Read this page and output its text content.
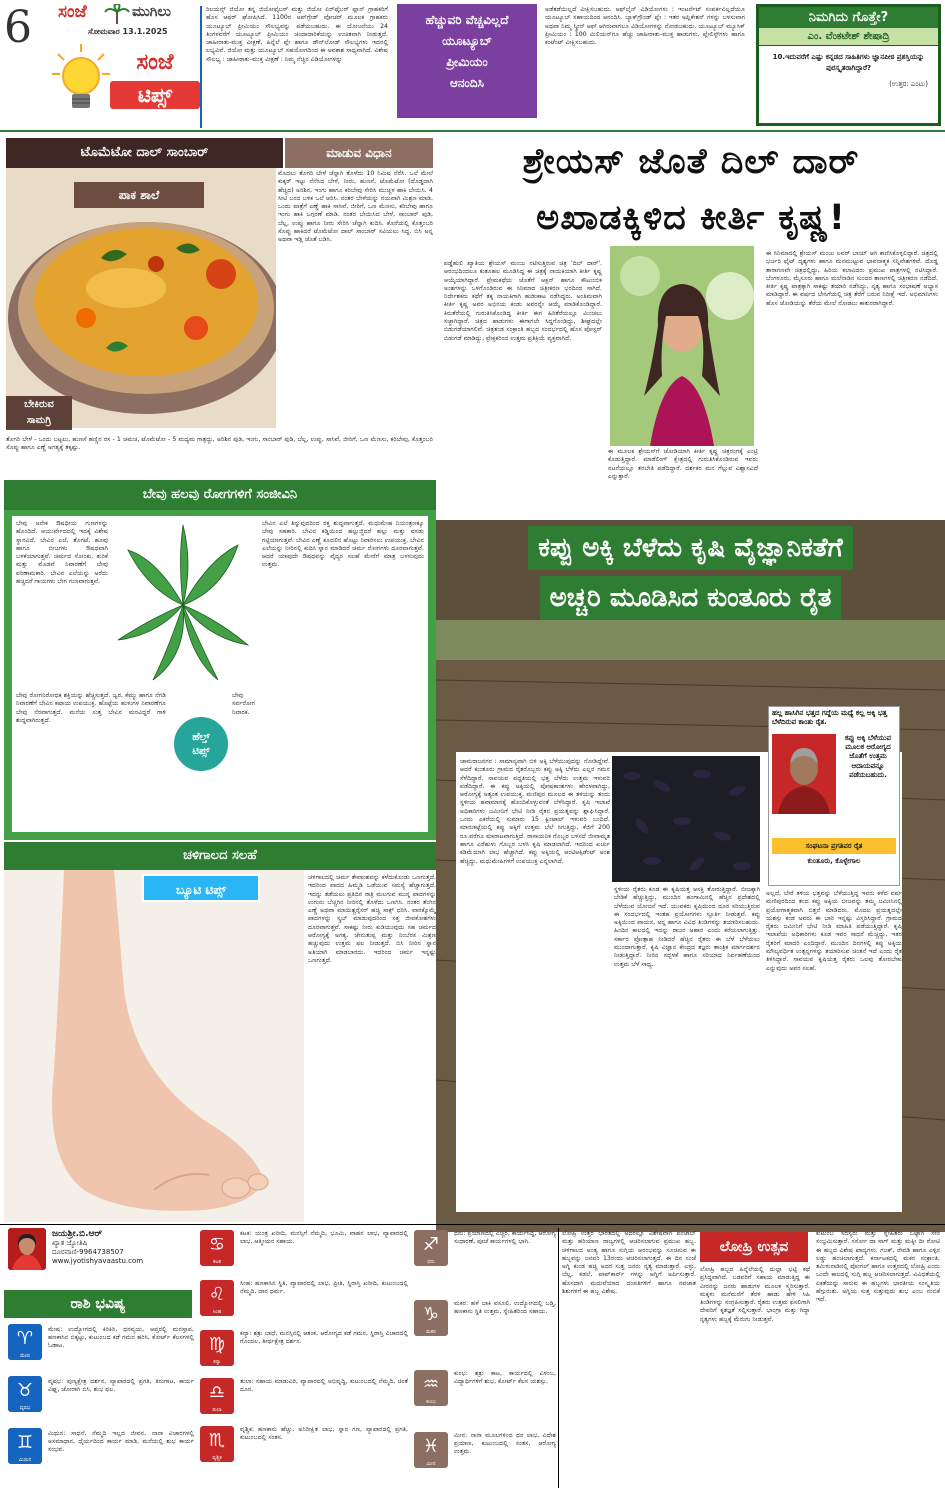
6 ಸಂಜೆ	ಮುಗಿಲು
ಸೋಮವಾರ 13.1.2025
ಸಂಜೆ
ಟಿಪ್ಸ್
ರಿಲಯನ್ಸ್ ಜಿಯೋ ತನ್ನ ಜಿಯೋಫೈಬರ್ ಮತ್ತು ಜಿಯೋ ಏರ್‌ಫೈಬರ್ ಪ್ಲಾನ್ ಗ್ರಾಹಕರಿಗೆ ಹೊಸ ಆಫರ್ ಘೋಷಿಸಿದೆ. 1100ರ ಅಪ್‌ಗ್ರೇಡ್ ವೋಚರ್ ಮೂಲಕ ಗ್ರಾಹಕರು ಯೂಟ್ಯೂಬ್ ಪ್ರೀಮಿಯಂ ಸೌಲಭ್ಯವನ್ನು ಪಡೆಯಬಹುದು. ಈ ಯೋಜನೆಯು 24 ತಿಂಗಳವರೆಗೆ ಯೂಟ್ಯೂಬ್ ಪ್ರೀಮಿಯಂ ಚಂದಾದಾರಿಕೆಯನ್ನು ಉಚಿತವಾಗಿ ನೀಡುತ್ತದೆ. ಜಾಹೀರಾತು-ಮುಕ್ತ ವೀಕ್ಷಣೆ, ಹಿನ್ನೆಲೆ ಪ್ಲೇ ಹಾಗೂ ಡೌನ್‌ಲೋಡ್ ಸೌಲಭ್ಯಗಳು ಇದರಲ್ಲಿ ಲಭ್ಯವಿವೆ. ಜಿಯೋ ಮತ್ತು ಯೂಟ್ಯೂಬ್ ಸಹಯೋಗದಿಂದ ಈ ಅವಕಾಶ ಸಾಧ್ಯವಾಗಿದೆ. ವಿಶೇಷ ಸೌಲಭ್ಯ : ಜಾಹೀರಾತು-ಮುಕ್ತ ವೀಕ್ಷಣೆ : ನಿಮ್ಮ ನೆಚ್ಚಿನ ವಿಡಿಯೋಗಳನ್ನು
ಹೆಚ್ಚುವರಿ ವೆಚ್ಚವಿಲ್ಲದೆ
ಯೂಟ್ಯೂಬ್
ಪ್ರೀಮಿಯಂ
ಆನಂದಿಸಿ
ಅಡೆತಡೆಯಿಲ್ಲದೆ ವೀಕ್ಷಿಸಬಹುದು. ಆಫ್‌ಲೈನ್ ವಿಡಿಯೋಗಳು : ಇಂಟರ್ನೆಟ್ ಸಂಪರ್ಕವಿಲ್ಲದೆಯೂ ಯೂಟ್ಯೂಬ್ ಸಹಾಯದಿಂದ ಆನಂದಿಸಿ. ಬ್ಯಾಕ್‌ಗ್ರೌಂಡ್ ಪ್ಲೇ : ಇತರ ಅಪ್ಲಿಕೇಶನ್ ಗಳನ್ನು ಬಳಸುವಾಗ ಅಥವಾ ನಿಮ್ಮ ಸ್ಕ್ರೀನ್ ಆಫ್ ಆಗಿರುವಾಗಲೂ ವಿಡಿಯೋಗಳನ್ನು ನೋಡಬಹುದು. ಯೂಟ್ಯೂಬ್ ಮ್ಯೂಸಿಕ್ ಪ್ರೀಮಿಯಂ : 100 ಮಿಲಿಯನ್‌ಗೂ ಹೆಚ್ಚು ಜಾಹೀರಾತು-ಮುಕ್ತ ಹಾಡುಗಳು, ಪ್ಲೇಲಿಸ್ಟ್‌ಗಳು ಹಾಗೂ ಕಂಟೆಂಟ್ ವೀಕ್ಷಿಸಬಹುದು.
ನಿಮಗಿದು ಗೊತ್ತೇ?
ಎಂ. ವೆಂಕಟೇಶ್ ಶೇಷಾದ್ರಿ
10.ಇದುವರೆಗೆ ಎಷ್ಟು ಕನ್ನಡದ ಸಾಹಿತಿಗಳು ಜ್ಞಾನಪೀಠ ಪ್ರಶಸ್ತಿಯನ್ನು ಪುರಸ್ಕೃತರಾಗಿದ್ದಾರೆ?
(ಉತ್ತರ: ಎಂಟು)
ಟೊಮೆಟೋ ದಾಲ್ ಸಾಂಬಾರ್	ಮಾಡುವ ವಿಧಾನ
ಪಾಕ ಶಾಲೆ
ಬೇಕಿರುವ
ಸಾಮಗ್ರಿ
ಮೊದಲು ತೊಗರಿ ಬೇಳೆ ಚೆನ್ನಾಗಿ ತೊಳೆದು 10 ನಿಮಿಷ ನೆನೆಸಿ. ಒಲೆ ಮೇಲೆ ಕುಕ್ಕರ್ ಇಟ್ಟು ನೆನೆಸಿದ ಬೇಳೆ, ನೀರು, ಹುಣಸೆ, ಟೊಮೆಟೋ (ದೊಡ್ಡದಾಗಿ ಹೆಚ್ಚಿದ) ಅರಿಶಿನ, ಇಂಗು ಹಾಗೂ ಕರಿಬೇವು ಸೇರಿಸಿ ಮುಚ್ಚಳ ಹಾಕಿ ಬೇಯಿಸಿ. 4 ಸೀಟಿ ಬಂದ ಬಳಿಕ ಒಲೆ ಆರಿಸಿ. ನಂತರ ಬೇಳೆಯನ್ನು ನಯವಾಗಿ ಮಿಶ್ರಣ ಮಾಡಿ. ಒಂದು ಪಾತ್ರೆಗೆ ಎಣ್ಣೆ ಹಾಕಿ ಸಾಸಿವೆ, ಜೀರಿಗೆ, ಒಣ ಮೆಣಸು, ಕರಿಬೇವು ಹಾಗೂ ಇಂಗು ಹಾಕಿ ಒಗ್ಗರಣೆ ಮಾಡಿ. ನಂತರ ಬೇಯಿಸಿದ ಬೇಳೆ, ಸಾಂಬಾರ್ ಪುಡಿ, ಬೆಲ್ಲ, ಉಪ್ಪು ಹಾಗೂ ನೀರು ಸೇರಿಸಿ ಚೆನ್ನಾಗಿ ಕುದಿಸಿ. ಕೊನೆಯಲ್ಲಿ ಕೊತ್ತಂಬರಿ ಸೊಪ್ಪು ಹಾಕಿದರೆ ಟೊಮೆಟೋ ದಾಲ್ ಸಾಂಬಾರ್ ಸವಿಯಲು ಸಿದ್ಧ. ಬಿಸಿ ಅನ್ನ ಅಥವಾ ಇಡ್ಲಿ ಜೊತೆ ಬಡಿಸಿ.
ತೊಗರಿ ಬೇಳೆ - ಒಂದು ಬಟ್ಟಲು, ಹುಣಸೆ ಹಣ್ಣಿನ ರಸ - 1 ಚಮಚ, ಟೊಮೆಟೋ - 5 ಮಧ್ಯಮ ಗಾತ್ರದ್ದು, ಅರಿಶಿನ ಪುಡಿ, ಇಂಗು, ಸಾಂಬಾರ್ ಪುಡಿ, ಬೆಲ್ಲ, ಉಪ್ಪು, ಸಾಸಿವೆ, ಜೀರಿಗೆ, ಒಣ ಮೆಣಸು, ಕರಿಬೇವು, ಕೊತ್ತಂಬರಿ ಸೊಪ್ಪು ಹಾಗೂ ಎಣ್ಣೆ ಅಗತ್ಯಕ್ಕೆ ತಕ್ಕಷ್ಟು.
ಬೇವು ಹಲವು ರೋಗಗಳಿಗೆ ಸಂಜೀವಿನಿ
ಬೇವು ಅನೇಕ ಔಷಧೀಯ ಗುಣಗಳನ್ನು ಹೊಂದಿದೆ. ಆಯುರ್ವೇದದಲ್ಲಿ ಇದಕ್ಕೆ ವಿಶೇಷ ಸ್ಥಾನವಿದೆ. ಬೇವಿನ ಎಲೆ, ತೊಗಟೆ, ಹೂವು ಹಾಗೂ ಬೀಜಗಳು ಔಷಧವಾಗಿ ಬಳಕೆಯಾಗುತ್ತವೆ. ಚರ್ಮದ ಸೋಂಕು, ತುರಿಕೆ ಮತ್ತು ಮೊಡವೆ ನಿವಾರಣೆಗೆ ಬೇವು ಪರಿಣಾಮಕಾರಿ. ಬೇವಿನ ಎಲೆಯನ್ನು ಅರೆದು ಹಚ್ಚಿದರೆ ಗಾಯಗಳು ಬೇಗ ಗುಣವಾಗುತ್ತವೆ.
ಬೇವಿನ ಎಲೆ ತಿನ್ನುವುದರಿಂದ ರಕ್ತ ಶುದ್ಧವಾಗುತ್ತದೆ. ಮಧುಮೇಹ ನಿಯಂತ್ರಣಕ್ಕೂ ಬೇವು ಸಹಕಾರಿ. ಬೇವಿನ ಕಡ್ಡಿಯಿಂದ ಹಲ್ಲುಜ್ಜಿದರೆ ಹಲ್ಲು ಮತ್ತು ವಸಡು ಗಟ್ಟಿಯಾಗುತ್ತವೆ. ಬೇವಿನ ಎಣ್ಣೆ ಕೂದಲಿನ ಹೊಟ್ಟು ನಿವಾರಿಸಲು ಉಪಯುಕ್ತ. ಬೇವಿನ ಎಲೆಯನ್ನು ನೀರಿನಲ್ಲಿ ಕುದಿಸಿ ಸ್ನಾನ ಮಾಡಿದರೆ ಚರ್ಮ ರೋಗಗಳು ದೂರವಾಗುತ್ತವೆ. ಆದರೆ ಯಾವುದೇ ಔಷಧವನ್ನು ವೈದ್ಯರ ಸಲಹೆ ಮೇರೆಗೆ ಮಾತ್ರ ಬಳಸುವುದು ಉತ್ತಮ.
ಬೇವು ರೋಗನಿರೋಧಕ ಶಕ್ತಿಯನ್ನು ಹೆಚ್ಚಿಸುತ್ತದೆ. ಜ್ವರ, ಕೆಮ್ಮು ಹಾಗೂ ನೆಗಡಿ ನಿವಾರಣೆಗೆ ಬೇವಿನ ಕಷಾಯ ಉಪಯುಕ್ತ. ಹೊಟ್ಟೆಯ ಹುಳುಗಳ ನಿವಾರಣೆಗೂ ಬೇವು ನೆರವಾಗುತ್ತದೆ. ಮನೆಯ ಸುತ್ತ ಬೇವಿನ ಮರವಿದ್ದರೆ ಗಾಳಿ ಶುದ್ಧವಾಗಿರುತ್ತದೆ.
ಬೇವು ಸರ್ವರೋಗ ನಿವಾರಕ.
ಹೆಲ್ತ್
ಟಿಪ್ಸ್
ಚಳಿಗಾಲದ ಸಲಹೆ
ಬ್ಯೂಟಿ ಟಿಪ್ಸ್
ಚಳಿಗಾಲದಲ್ಲಿ ಚರ್ಮ ತೇವಾಂಶವನ್ನು ಕಳೆದುಕೊಂಡು ಒಣಗುತ್ತದೆ. ಇದರಿಂದ ಪಾದದ ಹಿಮ್ಮಡಿ ಒಡೆಯುವ ಸಮಸ್ಯೆ ಹೆಚ್ಚಾಗುತ್ತದೆ. ಇದನ್ನು ತಡೆಯಲು ಪ್ರತಿದಿನ ರಾತ್ರಿ ಮಲಗುವ ಮುನ್ನ ಪಾದಗಳನ್ನು ಉಗುರು ಬೆಚ್ಚಗಿನ ನೀರಿನಲ್ಲಿ ತೊಳೆದು ಒಣಗಿಸಿ. ನಂತರ ತೆಂಗಿನ ಎಣ್ಣೆ ಅಥವಾ ಮಾಯಿಶ್ಚರೈಸರ್ ಹಚ್ಚಿ ಸಾಕ್ಸ್ ಧರಿಸಿ. ವಾರಕ್ಕೊಮ್ಮೆ ಪಾದಗಳನ್ನು ಸ್ಕ್ರಬ್ ಮಾಡುವುದರಿಂದ ಸತ್ತ ಜೀವಕೋಶಗಳು ದೂರವಾಗುತ್ತವೆ. ಸಾಕಷ್ಟು ನೀರು ಕುಡಿಯುವುದು ಸಹ ಚರ್ಮದ ಆರೋಗ್ಯಕ್ಕೆ ಅಗತ್ಯ. ಜೇನುತುಪ್ಪ ಮತ್ತು ನಿಂಬೆರಸ ಮಿಶ್ರಣ ಹಚ್ಚುವುದು ಉತ್ತಮ ಫಲ ನೀಡುತ್ತದೆ. ಬಿಸಿ ನೀರಿನ ಸ್ನಾನ ಅತಿಯಾಗಿ ಮಾಡಬಾರದು. ಇದರಿಂದ ಚರ್ಮ ಇನ್ನಷ್ಟು ಒಣಗುತ್ತದೆ.
ಶ್ರೇಯಸ್ ಜೊತೆ ದಿಲ್ ದಾರ್
ಅಖಾಡಕ್ಕಿಳಿದ ಕೀರ್ತಿ ಕೃಷ್ಣ!
ಪಡ್ಡೆಹುಲಿ ಖ್ಯಾತಿಯ ಶ್ರೇಯಸ್ ಮಂಜು ನಟಿಸುತ್ತಿರುವ ಚಿತ್ರ 'ದಿಲ್ ದಾರ್'. ಆರಂಭದಿಂದಲೂ ಕುತೂಹಲ ಮೂಡಿಸಿದ್ದ ಈ ಚಿತ್ರಕ್ಕೆ ನಾಯಕಿಯಾಗಿ ಕೀರ್ತಿ ಕೃಷ್ಣ ಆಯ್ಕೆಯಾಗಿದ್ದಾರೆ. ಪ್ರೇಮಕಥೆಯ ಜೊತೆಗೆ ಆಕ್ಷನ್ ಹಾಗೂ ಕೌಟುಂಬಿಕ ಅಂಶಗಳನ್ನು ಒಳಗೊಂಡಿರುವ ಈ ಸಿನಿಮಾದ ಚಿತ್ರೀಕರಣ ಭರದಿಂದ ಸಾಗಿದೆ. ನಿರ್ದೇಶಕರು ಕಥೆಗೆ ತಕ್ಕ ನಾಯಕಿಗಾಗಿ ಹುಡುಕಾಟ ನಡೆಸಿದ್ದರು. ಅಂತಿಮವಾಗಿ ಕೀರ್ತಿ ಕೃಷ್ಣ ಅವರ ಅಭಿನಯ ಕಂಡು ಅವರನ್ನೇ ಆಯ್ಕೆ ಮಾಡಿಕೊಂಡಿದ್ದಾರೆ. ಕಿರುತೆರೆಯಲ್ಲಿ ಗುರುತಿಸಿಕೊಂಡಿದ್ದ ಕೀರ್ತಿ ಈಗ ಹಿರಿತೆರೆಯಲ್ಲೂ ಮಿಂಚಲು ಸಜ್ಜಾಗಿದ್ದಾರೆ. ಚಿತ್ರದ ಹಾಡುಗಳು ಈಗಾಗಲೇ ಸಿದ್ಧಗೊಂಡಿದ್ದು, ಶೀಘ್ರದಲ್ಲೇ ಬಿಡುಗಡೆಯಾಗಲಿವೆ. ಚಿತ್ರತಂಡ ಸಂಕ್ರಾಂತಿ ಹಬ್ಬದ ಸಂದರ್ಭದಲ್ಲಿ ಹೊಸ ಪೋಸ್ಟರ್ ಬಿಡುಗಡೆ ಮಾಡಿದ್ದು, ಪ್ರೇಕ್ಷಕರಿಂದ ಉತ್ತಮ ಪ್ರತಿಕ್ರಿಯೆ ವ್ಯಕ್ತವಾಗಿದೆ.
ಈ ಮೂಲಕ ಶ್ರೇಯಸ್‌ಗೆ ಜೋಡಿಯಾಗಿ ಕೀರ್ತಿ ಕೃಷ್ಣ ಚಿತ್ರರಂಗಕ್ಕೆ ಎಂಟ್ರಿ ಕೊಡುತ್ತಿದ್ದಾರೆ. ಮಾಡೆಲಿಂಗ್ ಕ್ಷೇತ್ರದಲ್ಲಿ ಗುರುತಿಸಿಕೊಂಡಿರುವ ಇವರು ನಟನೆಯಲ್ಲೂ ತರಬೇತಿ ಪಡೆದಿದ್ದಾರೆ. ದರ್ಶಕರ ಮನ ಗೆಲ್ಲುವ ವಿಶ್ವಾಸವಿದೆ ಎನ್ನುತ್ತಾರೆ.
ಈ ಸಿನಿಮಾದಲ್ಲಿ ಶ್ರೇಯಸ್ ಮಂಜು ಲವರ್ ಬಾಯ್ ಆಗಿ ಕಾಣಿಸಿಕೊಳ್ಳಲಿದ್ದಾರೆ. ಚಿತ್ರದಲ್ಲಿ ಭರ್ಜರಿ ಫೈಟ್ ದೃಶ್ಯಗಳು ಹಾಗೂ ಮನಮುಟ್ಟುವ ಭಾವನಾತ್ಮಕ ಸನ್ನಿವೇಶಗಳಿವೆ. ದೊಡ್ಡ ತಾರಾಗಣವೇ ಚಿತ್ರದಲ್ಲಿದ್ದು, ಹಿರಿಯ ಕಲಾವಿದರು ಪ್ರಮುಖ ಪಾತ್ರಗಳಲ್ಲಿ ನಟಿಸಿದ್ದಾರೆ. ಬೆಂಗಳೂರು, ಮೈಸೂರು ಹಾಗೂ ಮಲೆನಾಡಿನ ಸುಂದರ ತಾಣಗಳಲ್ಲಿ ಚಿತ್ರೀಕರಣ ನಡೆದಿದೆ. ಕೀರ್ತಿ ಕೃಷ್ಣ ಪಾತ್ರಕ್ಕಾಗಿ ಸಾಕಷ್ಟು ತಯಾರಿ ನಡೆಸಿದ್ದು, ನೃತ್ಯ ಹಾಗೂ ಸಂಭಾಷಣೆ ಅಭ್ಯಾಸ ಮಾಡಿದ್ದಾರೆ. ಈ ವರ್ಷದ ಬೇಸಿಗೆಯಲ್ಲಿ ಚಿತ್ರ ತೆರೆಗೆ ಬರುವ ನಿರೀಕ್ಷೆ ಇದೆ. ಅಭಿಮಾನಿಗಳು ಹೊಸ ಜೋಡಿಯನ್ನು ತೆರೆಯ ಮೇಲೆ ನೋಡಲು ಕಾತುರರಾಗಿದ್ದಾರೆ.
ಕಪ್ಪು ಅಕ್ಕಿ ಬೆಳೆದು ಕೃಷಿ ವೈಜ್ಞಾನಿಕತೆಗೆ
ಅಚ್ಚರಿ ಮೂಡಿಸಿದ ಕುಂತೂರು ರೈತ
ಚಾಮರಾಜನಗರ : ಸಾಮಾನ್ಯವಾಗಿ ಬಿಳಿ ಅಕ್ಕಿ ಬೆಳೆಯುವುದನ್ನು ನೋಡಿದ್ದೇವೆ. ಆದರೆ ಕುಂತೂರು ಗ್ರಾಮದ ರೈತರೊಬ್ಬರು ಕಪ್ಪು ಅಕ್ಕಿ ಬೆಳೆದು ಎಲ್ಲರ ಗಮನ ಸೆಳೆದಿದ್ದಾರೆ. ಸಾವಯವ ಪದ್ಧತಿಯಲ್ಲಿ ಭತ್ತ ಬೆಳೆದು ಉತ್ತಮ ಇಳುವರಿ ಪಡೆದಿದ್ದಾರೆ. ಈ ಕಪ್ಪು ಅಕ್ಕಿಯಲ್ಲಿ ಪೋಷಕಾಂಶಗಳು ಹೇರಳವಾಗಿದ್ದು, ಆರೋಗ್ಯಕ್ಕೆ ಅತ್ಯಂತ ಉಪಯುಕ್ತ. ಮಣಿಪುರ ಮೂಲದ ಈ ತಳಿಯನ್ನು ತಂದು ಸ್ಥಳೀಯ ಹವಾಮಾನಕ್ಕೆ ಹೊಂದಿಕೊಳ್ಳುವಂತೆ ಬೆಳೆಸಿದ್ದಾರೆ. ಕೃಷಿ ಇಲಾಖೆ ಅಧಿಕಾರಿಗಳು ಜಮೀನಿಗೆ ಭೇಟಿ ನೀಡಿ ರೈತನ ಪ್ರಯತ್ನವನ್ನು ಶ್ಲಾಘಿಸಿದ್ದಾರೆ. ಒಂದು ಎಕರೆಯಲ್ಲಿ ಸುಮಾರು 15 ಕ್ವಿಂಟಾಲ್ ಇಳುವರಿ ಬಂದಿದೆ. ಮಾರುಕಟ್ಟೆಯಲ್ಲಿ ಕಪ್ಪು ಅಕ್ಕಿಗೆ ಉತ್ತಮ ಬೆಲೆ ಸಿಗುತ್ತಿದ್ದು, ಕೆಜಿಗೆ 200 ರೂ.ವರೆಗೂ ಮಾರಾಟವಾಗುತ್ತಿದೆ. ರಾಸಾಯನಿಕ ಗೊಬ್ಬರ ಬಳಸದೆ ಜೀವಾಮೃತ ಹಾಗೂ ಎರೆಹುಳು ಗೊಬ್ಬರ ಬಳಸಿ ಕೃಷಿ ಮಾಡಲಾಗಿದೆ. ಇದರಿಂದ ಖರ್ಚು ಕಡಿಮೆಯಾಗಿ ಲಾಭ ಹೆಚ್ಚಾಗಿದೆ. ಕಪ್ಪು ಅಕ್ಕಿಯಲ್ಲಿ ಆಂಟಿಆಕ್ಸಿಡೆಂಟ್ ಅಂಶ ಹೆಚ್ಚಿದ್ದು, ಮಧುಮೇಹಿಗಳಿಗೆ ಉಪಯುಕ್ತ ಎನ್ನಲಾಗಿದೆ.
ಸ್ಥಳೀಯ ರೈತರು ಕೂಡ ಈ ಕೃಷಿಯತ್ತ ಆಸಕ್ತಿ ತೋರುತ್ತಿದ್ದಾರೆ. ಬೀಜಕ್ಕಾಗಿ ಬೇಡಿಕೆ ಹೆಚ್ಚುತ್ತಿದ್ದು, ಮುಂದಿನ ಹಂಗಾಮಿನಲ್ಲಿ ಹೆಚ್ಚಿನ ಪ್ರದೇಶದಲ್ಲಿ ಬೆಳೆಯುವ ಯೋಜನೆ ಇದೆ. ಯುವಕರು ಕೃಷಿಯಿಂದ ದೂರ ಸರಿಯುತ್ತಿರುವ ಈ ಸಂದರ್ಭದಲ್ಲಿ ಇಂತಹ ಪ್ರಯೋಗಗಳು ಸ್ಫೂರ್ತಿ ನೀಡುತ್ತವೆ. ಕಪ್ಪು ಅಕ್ಕಿಯಿಂದ ಪಾಯಸ, ಅನ್ನ ಹಾಗೂ ವಿವಿಧ ತಿಂಡಿಗಳನ್ನು ತಯಾರಿಸಬಹುದು. ಹಿಂದಿನ ಕಾಲದಲ್ಲಿ ಇದನ್ನು ರಾಜರ ಆಹಾರ ಎಂದು ಕರೆಯಲಾಗುತ್ತಿತ್ತು. ಸರ್ಕಾರ ಪ್ರೋತ್ಸಾಹ ನೀಡಿದರೆ ಹೆಚ್ಚಿನ ರೈತರು ಈ ಬೆಳೆ ಬೆಳೆಯಲು ಮುಂದಾಗುತ್ತಾರೆ. ಕೃಷಿ ವಿಜ್ಞಾನ ಕೇಂದ್ರದ ತಜ್ಞರು ತಾಂತ್ರಿಕ ಮಾರ್ಗದರ್ಶನ ನೀಡುತ್ತಿದ್ದಾರೆ. ನೀರಿನ ಸದ್ಬಳಕೆ ಹಾಗೂ ಸರಿಯಾದ ನಿರ್ವಹಣೆಯಿಂದ ಉತ್ತಮ ಬೆಳೆ ಸಾಧ್ಯ.
ಹಲ್ಲ ಹಾಸಿಗಿನ ಭತ್ತದ ಗದ್ದೆಯ ಮಧ್ಯೆ ಕಲ್ಲ ಅಕ್ಕಿ ಭತ್ತ ಬೆಳೆದಿರುವ ಕಾಂತು ರೈತ.
ಕಪ್ಪು ಅಕ್ಕಿ ಬೆಳೆಯುವ ಮೂಲಕ ಆರೋಗ್ಯದ ಜೊತೆಗೆ ಉತ್ತಮ ಆದಾಯವನ್ನೂ ಪಡೆಯಬಹುದು.
ಸಂಘಟನಾ ಪ್ರಗತಿಪರ ರೈತ
ಕುಂತೂರು, ಕೊಳ್ಳೇಗಾಲ
ಅಲ್ಲದೆ, ಬೇರೆ ತಳಿಯ ಭತ್ತವನ್ನು ಬೆಳೆಯುತ್ತಿದ್ದ ಇವರು ಕಳೆದ ವರ್ಷ ಮಣಿಪುರದಿಂದ ತಂದ ಕಪ್ಪು ಅಕ್ಕಿಯ ಬೀಜವನ್ನು ತಮ್ಮ ಜಮೀನಿನಲ್ಲಿ ಪ್ರಯೋಗಾತ್ಮಕವಾಗಿ ಬಿತ್ತನೆ ಮಾಡಿದರು. ಮೊದಲ ಪ್ರಯತ್ನದಲ್ಲೇ ಯಶಸ್ಸು ಕಂಡ ಅವರು ಈ ಬಾರಿ ಇನ್ನಷ್ಟು ವಿಸ್ತರಿಸಿದ್ದಾರೆ. ಗ್ರಾಮದ ರೈತರು ಜಮೀನಿಗೆ ಭೇಟಿ ನೀಡಿ ಮಾಹಿತಿ ಪಡೆಯುತ್ತಿದ್ದಾರೆ. ಕೃಷಿ ಇಲಾಖೆಯ ಅಧಿಕಾರಿಗಳು ಕೂಡ ಇವರ ಸಾಧನೆ ಮೆಚ್ಚಿದ್ದು, ಇತರ ರೈತರಿಗೆ ಮಾದರಿ ಎಂದಿದ್ದಾರೆ. ಮುಂದಿನ ದಿನಗಳಲ್ಲಿ ಕಪ್ಪು ಅಕ್ಕಿಯ ಮೌಲ್ಯವರ್ಧಿತ ಉತ್ಪನ್ನಗಳನ್ನು ತಯಾರಿಸುವ ಚಿಂತನೆ ಇದೆ ಎಂದು ರೈತ ತಿಳಿಸಿದ್ದಾರೆ. ಸಾವಯವ ಕೃಷಿಯತ್ತ ರೈತರು ಒಲವು ತೋರಬೇಕು ಎನ್ನುವುದು ಅವರ ಸಲಹೆ.
ಜಯಶ್ರೀ.ಬಿ.ಆರ್
ಖ್ಯಾತ ಜ್ಯೋತಿಷಿ
ದೂರವಾಣಿ-9964738507
www.jyotishyavaastu.com
ರಾಶಿ ಭವಿಷ್ಯ
♈
ಮೇಷ
ಮೇಷ: ಉದ್ಯೋಗದಲ್ಲಿ ಕಿರಿಕಿರಿ, ಧನವ್ಯಯ, ಆಪ್ತರಲ್ಲಿ ಮನಸ್ತಾಪ, ಹಣಕಾಸಿನ ಬಿಕ್ಕಟ್ಟು, ಕುಟುಂಬದ ಕಡೆ ಗಮನ ಹರಿಸಿ, ಕೋರ್ಟ್ ಕೆಲಸಗಳಲ್ಲಿ ಓಡಾಟ.
♉
ವೃಷಭ
ವೃಷಭ: ಪುಣ್ಯಕ್ಷೇತ್ರ ದರ್ಶನ, ವ್ಯಾಪಾರದಲ್ಲಿ ಪ್ರಗತಿ, ತಿರುಗಾಟ, ಕಾರ್ಯ ವಿಘ್ನ, ಜೋರಾಗಿ ಬಿಸಿ, ಶುಭ ಫಲ.
♊
ಮಿಥುನ
ಮಿಥುನ: ಸಾಧನೆ, ನೆಮ್ಮದಿ ಇಲ್ಲದ ಜೀವನ, ನಾನಾ ವಿಚಾರಗಳಲ್ಲಿ ಅಸಮಾಧಾನ, ಧೈರ್ಯದಿಂದ ಕಾರ್ಯ ಮಾಡಿ, ಮನೆಯಲ್ಲಿ ಶುಭ ಕಾರ್ಯ ಸಂಭವ.
♋
ಕಟಕ
ಕಟಕ: ಯಂತ್ರ ಖರೀದಿ, ಮನಸ್ಸಿಗೆ ನೆಮ್ಮದಿ, ಭೂಮಿ, ವಾಹನ ಲಾಭ, ವ್ಯಾಪಾರದಲ್ಲಿ ಲಾಭ, ಆತ್ಮೀಯರ ಸಹಾಯ.
♌
ಸಿಂಹ
ಸಿಂಹ: ಹಣಕಾಸಿನ ಸ್ಥಿತಿ, ವ್ಯಾಪಾರದಲ್ಲಿ ಲಾಭ, ಪ್ರೀತಿ, ಸ್ಥಿರಾಸ್ತಿ ಖರೀದಿ, ಕುಟುಂಬದಲ್ಲಿ ನೆಮ್ಮದಿ, ದಾನ ಧರ್ಮ.
♍
ಕನ್ಯಾ
ಕನ್ಯಾ: ಶತ್ರು ಬಾಧೆ, ಮನಸ್ಸಿನಲ್ಲಿ ಆತಂಕ, ಆರೋಗ್ಯದ ಕಡೆ ಗಮನ, ಸ್ಥಿರಾಸ್ತಿ ವಿಚಾರದಲ್ಲಿ ಗೊಂದಲ, ತೀರ್ಥಕ್ಷೇತ್ರ ದರ್ಶನ.
♎
ತುಲಾ
ತುಲಾ: ಸಹಾಯ ಮಾಡುವಿರಿ, ವ್ಯಾಪಾರದಲ್ಲಿ ಅಭಿವೃದ್ಧಿ, ಕುಟುಂಬದಲ್ಲಿ ನೆಮ್ಮದಿ, ಚಿಂತೆ ದೂರ.
♏
ವೃಶ್ಚಿಕ
ವೃಶ್ಚಿಕ: ಹಣಕಾಸು ಹೆಚ್ಚು, ಅನಿರೀಕ್ಷಿತ ಲಾಭ, ಸ್ನಾನ ಗಣ, ವ್ಯಾಪಾರದಲ್ಲಿ ಪ್ರಗತಿ, ಕುಟುಂಬದಲ್ಲಿ ಸಂತಸ.
♐
ಧನು
ಧನು: ಪ್ರಯಾಣದಲ್ಲಿ ಎಚ್ಚರ, ಕಾರ್ಯಸಿದ್ಧಿ, ಆರೋಗ್ಯ ಸುಧಾರಣೆ, ಪೂಜೆ ಕಾರ್ಯಗಳಲ್ಲಿ ಭಾಗಿ.
♑
ಮಕರ
ಮಕರ: ಹಳೆ ಬಾಕಿ ವಸೂಲಿ, ಉದ್ಯೋಗದಲ್ಲಿ ಬಡ್ತಿ, ಹಣಕಾಸು ಸ್ಥಿತಿ ಉತ್ತಮ, ಸ್ನೇಹಿತರಿಂದ ಸಹಾಯ.
♒
ಕುಂಭ
ಕುಂಭ: ಶತ್ರು ಕಾಟ, ಕಾರ್ಯದಲ್ಲಿ ವಿಳಂಬ, ವಿದ್ಯಾರ್ಥಿಗಳಿಗೆ ಶುಭ, ಕೋರ್ಟ್ ಕೆಲಸ ಯಶಸ್ಸು.
♓
ಮೀನ
ಮೀನ: ನಾನಾ ಮೂಲಗಳಿಂದ ಧನ ಲಾಭ, ವಿದೇಶ ಪ್ರಯಾಣ, ಕುಟುಂಬದಲ್ಲಿ ಸಂತಸ, ಆರೋಗ್ಯ ಉತ್ತಮ.
ಲೋಹ್ರಿ ಉತ್ತರ ಭಾರತದಲ್ಲಿ ಅದರಲ್ಲೂ ವಿಶೇಷವಾಗಿ ಪಂಜಾಬ್ ಮತ್ತು ಹರಿಯಾಣ ರಾಜ್ಯಗಳಲ್ಲಿ ಆಚರಿಸಲಾಗುವ ಪ್ರಮುಖ ಹಬ್ಬ. ಚಳಿಗಾಲದ ಅಂತ್ಯ ಹಾಗೂ ಸುಗ್ಗಿಯ ಆರಂಭವನ್ನು ಸೂಚಿಸುವ ಈ ಹಬ್ಬವನ್ನು ಜನವರಿ 13ರಂದು ಆಚರಿಸಲಾಗುತ್ತದೆ. ಈ ದಿನ ಸಂಜೆ ಅಗ್ನಿ ಕುಂಡ ಹಚ್ಚಿ ಅದರ ಸುತ್ತ ಜನರು ನೃತ್ಯ ಮಾಡುತ್ತಾರೆ. ಎಳ್ಳು, ಬೆಲ್ಲ, ಕಡಲೆ, ಪಾಪ್‌ಕಾರ್ನ್ ಗಳನ್ನು ಅಗ್ನಿಗೆ ಅರ್ಪಿಸುತ್ತಾರೆ. ಹೊಸದಾಗಿ ಮದುವೆಯಾದ ದಂಪತಿಗಳಿಗೆ ಹಾಗೂ ನವಜಾತ ಶಿಶುಗಳಿಗೆ ಈ ಹಬ್ಬ ವಿಶೇಷ.
ಲೋಹ್ರಿ ಉತ್ಸವ
ಲೋಹ್ರಿ ಹಬ್ಬದ ಹಿನ್ನೆಲೆಯಲ್ಲಿ ದುಲ್ಲಾ ಭಟ್ಟಿ ಕಥೆ ಪ್ರಸಿದ್ಧವಾಗಿದೆ. ಬಡವರಿಗೆ ಸಹಾಯ ಮಾಡುತ್ತಿದ್ದ ಈ ವೀರನನ್ನು ಜನರು ಹಾಡುಗಳ ಮೂಲಕ ಸ್ಮರಿಸುತ್ತಾರೆ. ಮಕ್ಕಳು ಮನೆಮನೆಗೆ ತೆರಳಿ ಹಾಡು ಹೇಳಿ ಸಿಹಿ ತಿಂಡಿಗಳನ್ನು ಸಂಗ್ರಹಿಸುತ್ತಾರೆ. ರೈತರು ಉತ್ತಮ ಫಸಲಿಗಾಗಿ ದೇವರಿಗೆ ಕೃತಜ್ಞತೆ ಸಲ್ಲಿಸುತ್ತಾರೆ. ಭಾಂಗ್ರಾ ಮತ್ತು ಗಿದ್ದಾ ನೃತ್ಯಗಳು ಹಬ್ಬಕ್ಕೆ ಮೆರುಗು ನೀಡುತ್ತವೆ.
ಕುಟುಂಬ ಸದಸ್ಯರು ಮತ್ತು ಸ್ನೇಹಿತರು ಒಟ್ಟಾಗಿ ಸೇರಿ ಸಂಭ್ರಮಿಸುತ್ತಾರೆ. ಸರ್ಸೋ ದಾ ಸಾಗ್ ಮತ್ತು ಮಕ್ಕೀ ದೀ ರೋಟಿ ಈ ಹಬ್ಬದ ವಿಶೇಷ ಖಾದ್ಯಗಳು. ಗಜಕ್, ರೇವಡಿ ಹಾಗೂ ಎಳ್ಳಿನ ಲಡ್ಡು ಹಂಚಲಾಗುತ್ತದೆ. ಕರ್ನಾಟಕದಲ್ಲಿ ಮಕರ ಸಂಕ್ರಾಂತಿ, ತಮಿಳುನಾಡಿನಲ್ಲಿ ಪೊಂಗಲ್ ಹಾಗೂ ಉತ್ತರದಲ್ಲಿ ಲೋಹ್ರಿ ಎಂದು ಒಂದೇ ಕಾಲದಲ್ಲಿ ಸುಗ್ಗಿ ಹಬ್ಬ ಆಚರಿಸಲಾಗುತ್ತದೆ. ವಿವಿಧತೆಯಲ್ಲಿ ಏಕತೆಯನ್ನು ಸಾರುವ ಈ ಹಬ್ಬಗಳು ಭಾರತೀಯ ಸಂಸ್ಕೃತಿಯ ಹೆಗ್ಗುರುತು. ಅಗ್ನಿಯ ಸುತ್ತ ಸುತ್ತುವುದು ಶುಭ ಎಂಬ ನಂಬಿಕೆ ಇದೆ.
